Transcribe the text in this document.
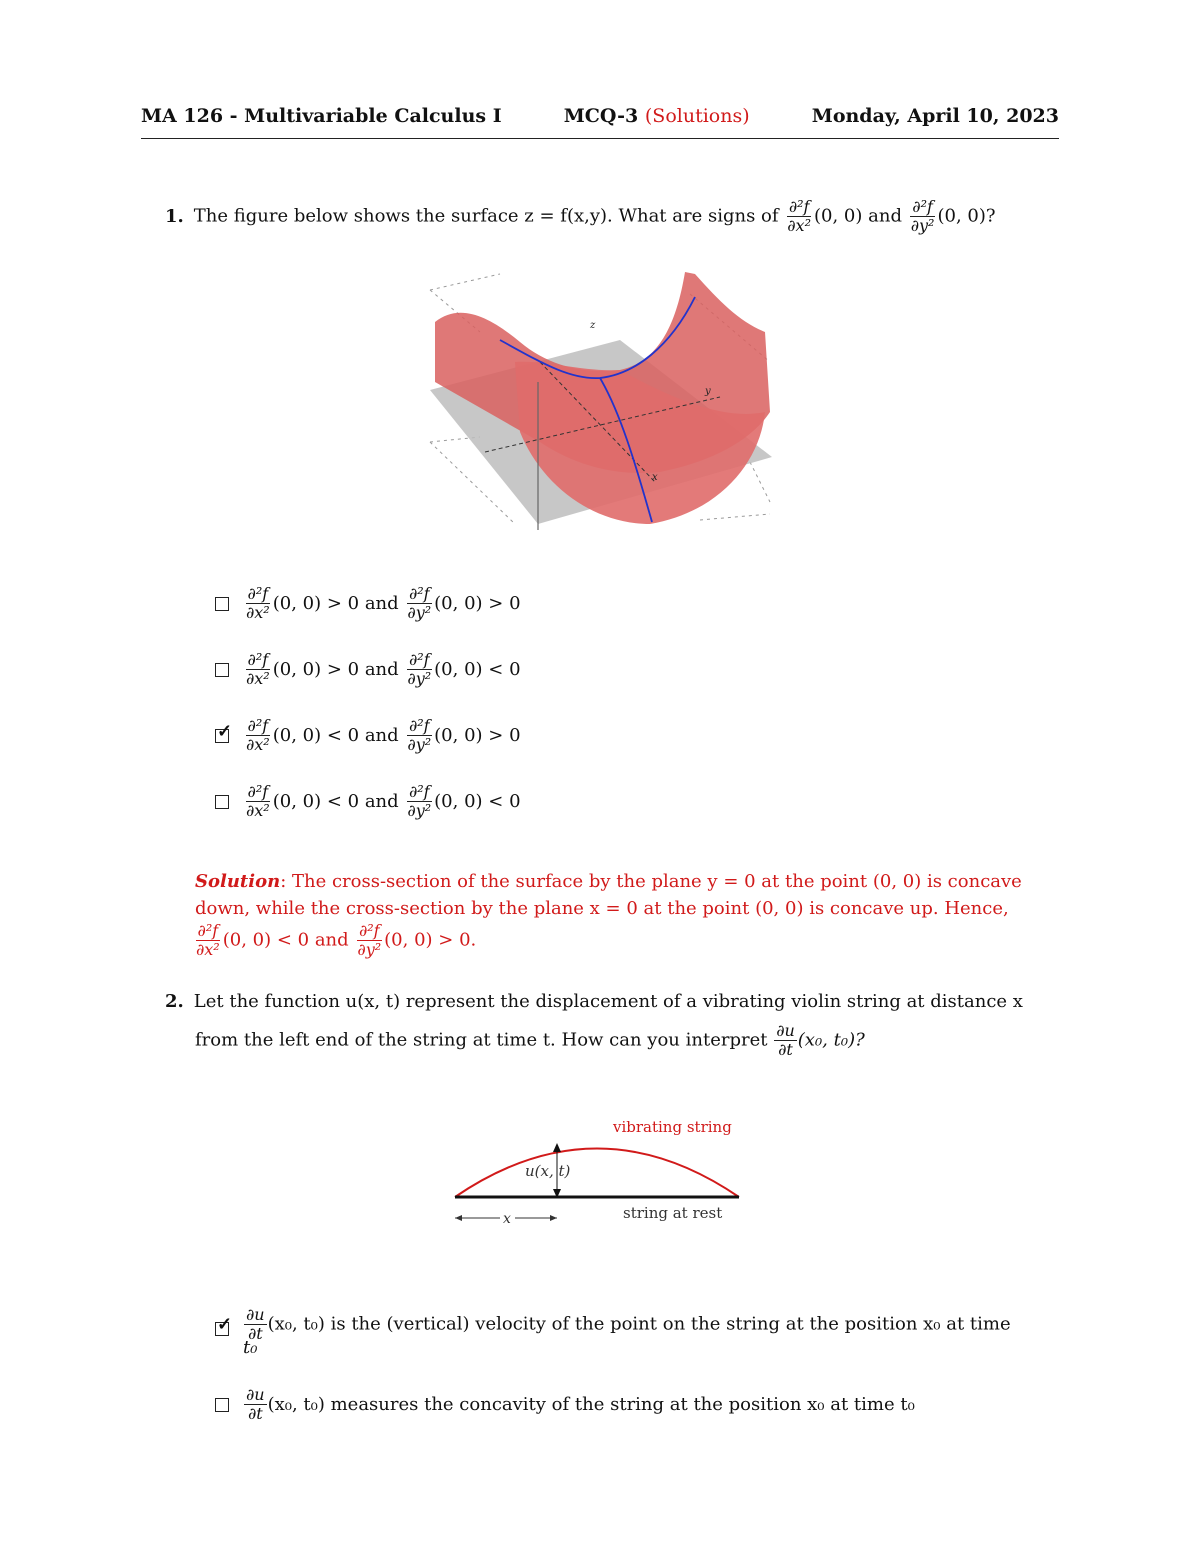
MA 126 - Multivariable Calculus I	MCQ-3 (Solutions)	Monday, April 10, 2023
1. The figure below shows the surface z = f(x,y). What are signs of $\frac{\text{∂²f}}{\text{∂x²}} (0$, 0) and $\frac{\text{∂²f}}{\text{∂y²}} (0$, 0)?
z
y
x
$\frac{\text{∂²f}}{\text{∂x²}} (0$, 0) > 0
and
$\frac{\text{∂²f}}{\text{∂y²}} (0$, 0) > 0
$\frac{\text{∂²f}}{\text{∂x²}} (0$, 0) > 0
and
$\frac{\text{∂²f}}{\text{∂y²}} (0$, 0) < 0
✓
$\frac{\text{∂²f}}{\text{∂x²}} (0$, 0) < 0
and
$\frac{\text{∂²f}}{\text{∂y²}} (0$, 0) > 0
$\frac{\text{∂²f}}{\text{∂x²}} (0$, 0) < 0
and
$\frac{\text{∂²f}}{\text{∂y²}} (0$, 0) < 0
Solution: The cross-section of the surface by the plane y = 0 at the point (0, 0) is concave
down, while the cross-section by the plane x = 0 at the point (0, 0) is concave up. Hence,
$\frac{\text{∂²f}}{\text{∂x²}} (0$, 0) < 0 and $\frac{\text{∂²f}}{\text{∂y²}} (0$, 0) > 0.
2. Let the function u(x, t) represent the displacement of a vibrating violin string at distance x
from the left end of the string at time t. How can you interpret $\frac{\partial u}{\partial t} (x_0$, t₀)?
u(x, t)
vibrating string
string at rest
x
✓
$\frac{\partial u}{\partial t} (x_0$, t₀) is the (vertical) velocity of the point on the string at the position x₀ at time
t₀
$\frac{\partial u}{\partial t} (x_0$, t₀) measures the concavity of the string at the position x₀ at time t₀
